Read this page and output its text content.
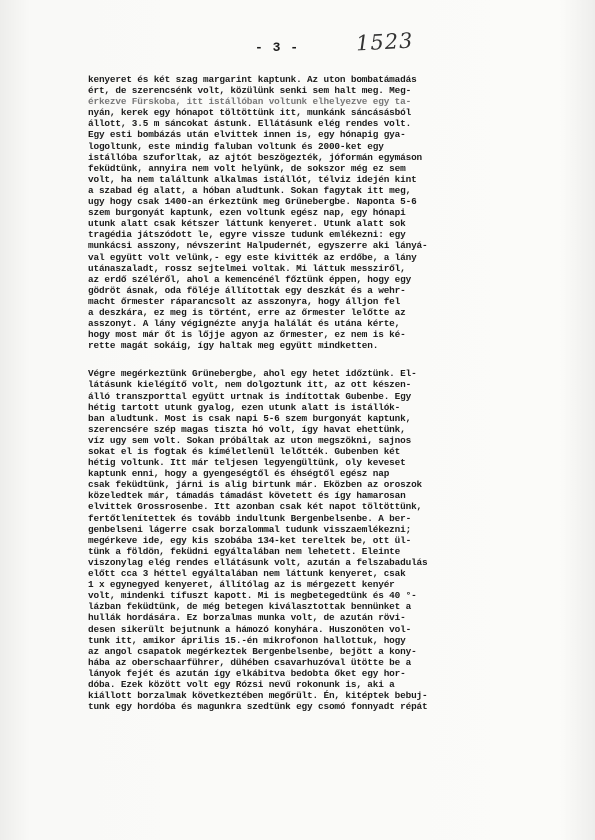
- 3 -	1523

kenyeret és két szag margarint kaptunk. Az uton bombatámadás

ért, de szerencsénk volt, közülünk senki sem halt meg. Meg-

érkezve Fürskoba, itt istállóban voltunk elhelyezve egy ta-

nyán, kerek egy hónapot töltöttünk itt, munkánk sáncásásból

állott, 3.5 m sáncokat ástunk. Ellátásunk elég rendes volt.

Egy esti bombázás után elvittek innen is, egy hónapig gya-

logoltunk, este mindig faluban voltunk és 2000-ket egy

istállóba szuforltak, az ajtót beszögezték, jóformán egymáson

feküdtünk, annyira nem volt helyünk, de sokszor még ez sem

volt, ha nem találtunk alkalmas istállót, télviz idején kint

a szabad ég alatt, a hóban aludtunk. Sokan fagytak itt meg,

ugy hogy csak 1400-an érkeztünk meg Grünebergbe. Naponta 5-6

szem burgonyát kaptunk, ezen voltunk egész nap, egy hónapi

utunk alatt csak kétszer láttunk kenyeret. Utunk alatt sok

tragédia játszódott le, egyre vissze tudunk emlékezni: egy

munkácsi asszony, névszerint Halpudernét, egyszerre aki lányá-

val együtt volt velünk,- egy este kivitték az erdőbe, a lány

utánaszaladt, rossz sejtelmei voltak. Mi láttuk messziről,

az erdő széléről, ahol a kemencénél főztünk éppen, hogy egy

gödröt ásnak, oda föléje állítottak egy deszkát és a wehr-

macht őrmester ráparancsolt az asszonyra, hogy álljon fel

a deszkára, ez meg is történt, erre az őrmester lelőtte az

asszonyt. A lány végignézte anyja halálát és utána kérte,

hogy most már őt is lőjje agyon az őrmester, ez nem is ké-

rette magát sokáig, így haltak meg együtt mindketten.

Végre megérkeztünk Grünebergbe, ahol egy hetet időztünk. El-

látásunk kielégítő volt, nem dolgoztunk itt, az ott készen-

álló transzporttal együtt urtnak is indítottak Gubenbe. Egy

hétig tartott utunk gyalog, ezen utunk alatt is istállók-

ban aludtunk. Most is csak napi 5-6 szem burgonyát kaptunk,

szerencsére szép magas tiszta hó volt, így havat ehettünk,

víz ugy sem volt. Sokan próbáltak az uton megszökni, sajnos

sokat el is fogtak és kíméletlenül lelőtték. Gubenben két

hétig voltunk. Itt már teljesen legyengültünk, oly keveset

kaptunk enni, hogy a gyengeségtől és éhségtől egész nap

csak feküdtünk, járni is alig birtunk már. Eközben az oroszok

közeledtek már, támadás támadást követett és így hamarosan

elvittek Grossrosenbe. Itt azonban csak két napot töltöttünk,

fertőtlenítettek és tovább indultunk Bergenbelsenbe. A ber-

genbelseni lágerre csak borzalommal tudunk visszaemlékezni;

megérkeve ide, egy kis szobába 134-ket tereltek be, ott ül-

tünk a földön, feküdni egyáltalában nem lehetett. Eleinte

viszonylag elég rendes ellátásunk volt, azután a felszabadulás

előtt cca 3 héttel egyáltalában nem láttunk kenyeret, csak

1 x egynegyed kenyeret, állítólag az is mérgezett kenyér

volt, mindenki tífuszt kapott. Mi is megbetegedtünk és 40 °-

lázban feküdtünk, de még betegen kiválasztottak bennünket a

hullák hordására. Ez borzalmas munka volt, de azután rövi-

desen sikerült bejutnunk a hámozó konyhára. Huszonöten vol-

tunk itt, amikor április 15.-én mikrofonon hallottuk, hogy

az angol csapatok megérkeztek Bergenbelsenbe, bejött a kony-

hába az oberschaarführer, dühében csavarhuzóval ütötte be a

lányok fejét és azután így elkábitva bedobta őket egy hor-

dóba. Ezek között volt egy Rózsi nevű rokonunk is, aki a

kiállott borzalmak következtében megőrült. Én, kitéptek bebuj-

tunk egy hordóba és magunkra szedtünk egy csomó fonnyadt répát
